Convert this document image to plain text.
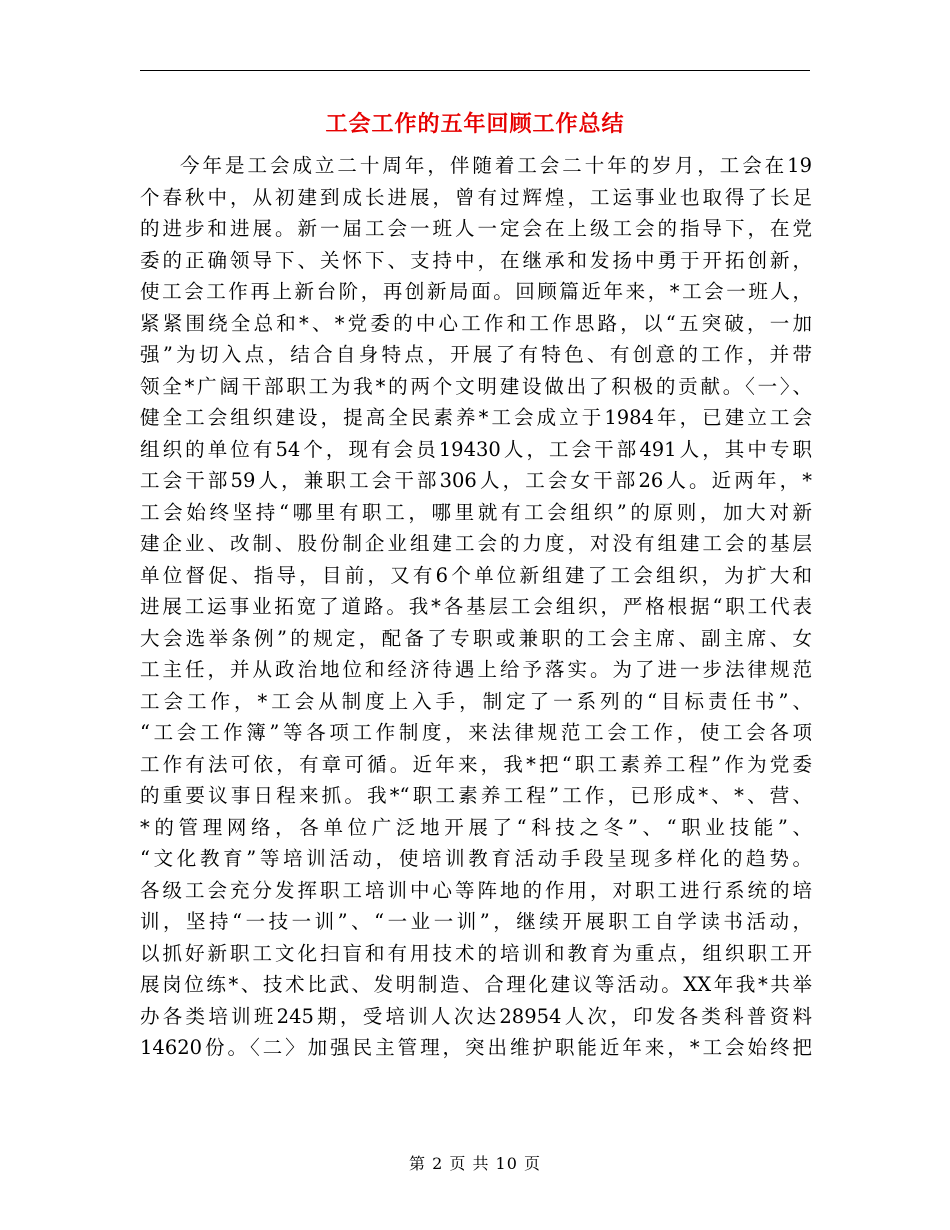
工会工作的五年回顾工作总结
今年是工会成立二十周年，伴随着工会二十年的岁月，工会在19
个春秋中，从初建到成长进展，曾有过辉煌，工运事业也取得了长足
的进步和进展。新一届工会一班人一定会在上级工会的指导下，在党
委的正确领导下、关怀下、支持中，在继承和发扬中勇于开拓创新，
使工会工作再上新台阶，再创新局面。回顾篇近年来，*工会一班人，
紧紧围绕全总和*、*党委的中心工作和工作思路，以“五突破，一加
强”为切入点，结合自身特点，开展了有特色、有创意的工作，并带
领全*广阔干部职工为我*的两个文明建设做出了积极的贡献。〈一〉、
健全工会组织建设，提高全民素养*工会成立于1984年，已建立工会
组织的单位有54个，现有会员19430人，工会干部491人，其中专职
工会干部59人，兼职工会干部306人，工会女干部26人。近两年，*
工会始终坚持“哪里有职工，哪里就有工会组织”的原则，加大对新
建企业、改制、股份制企业组建工会的力度，对没有组建工会的基层
单位督促、指导，目前，又有6个单位新组建了工会组织，为扩大和
进展工运事业拓宽了道路。我*各基层工会组织，严格根据“职工代表
大会选举条例”的规定，配备了专职或兼职的工会主席、副主席、女
工主任，并从政治地位和经济待遇上给予落实。为了进一步法律规范
工会工作，*工会从制度上入手，制定了一系列的“目标责任书”、
“工会工作簿”等各项工作制度，来法律规范工会工作，使工会各项
工作有法可依，有章可循。近年来，我*把“职工素养工程”作为党委
的重要议事日程来抓。我*“职工素养工程”工作，已形成*、*、营、
*的管理网络，各单位广泛地开展了“科技之冬”、“职业技能”、
“文化教育”等培训活动，使培训教育活动手段呈现多样化的趋势。
各级工会充分发挥职工培训中心等阵地的作用，对职工进行系统的培
训，坚持“一技一训”、“一业一训”，继续开展职工自学读书活动，
以抓好新职工文化扫盲和有用技术的培训和教育为重点，组织职工开
展岗位练*、技术比武、发明制造、合理化建议等活动。XX年我*共举
办各类培训班245期，受培训人次达28954人次，印发各类科普资料
14620份。〈二〉加强民主管理，突出维护职能近年来，*工会始终把
第 2 页 共 10 页
